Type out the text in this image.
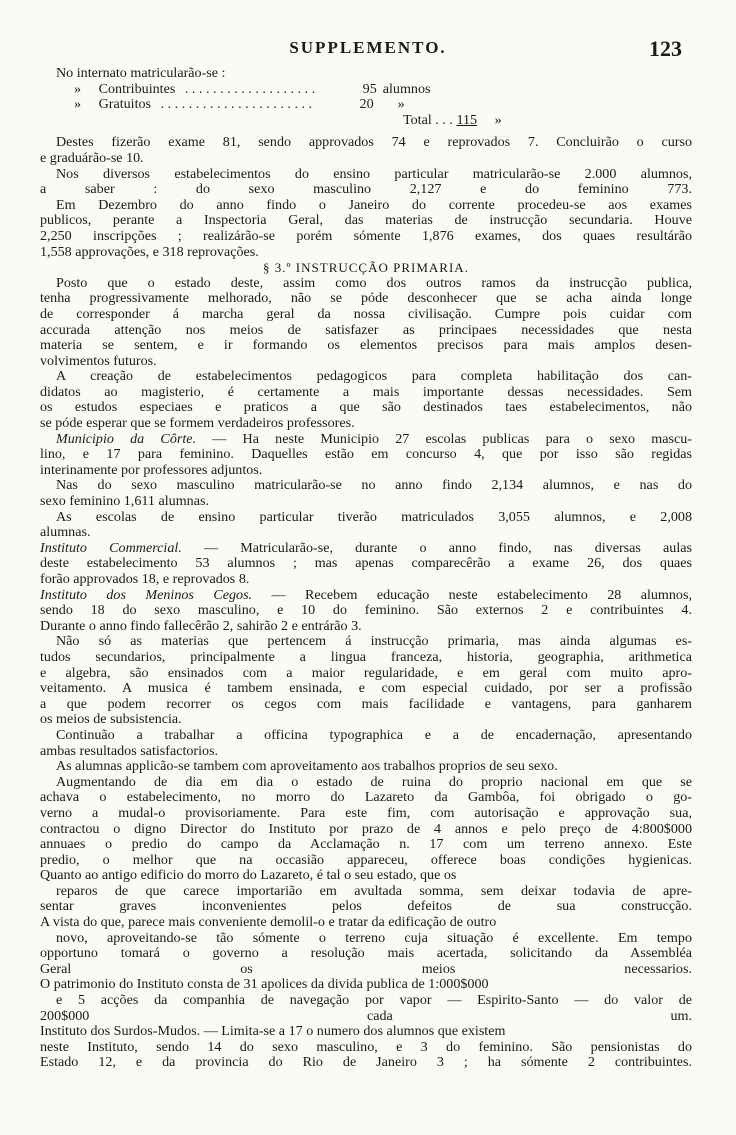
SUPPLEMENTO.	123
No internato matricularão-se :
» Contribuintes . . . . . . . . . . . . . . . . . . .	95 alumnos
» Gratuitos . . . . . . . . . . . . . . . . . . . . . .	20 »
Total . . . 115 »
Destes fizerão exame 81, sendo approvados 74 e reprovados 7. Concluirão o curso
e graduárão-se 10.
Nos diversos estabelecimentos do ensino particular matricularão-se 2.000 alumnos,
a saber : do sexo masculino 2,127 e do feminino 773.
Em Dezembro do anno findo o Janeiro do corrente procedeu-se aos exames
publicos, perante a Inspectoria Geral, das materias de instrucção secundaria. Houve
2,250 inscripções ; realizárão-se porém sómente 1,876 exames, dos quaes resultárão
1,558 approvações, e 318 reprovações.
§ 3.º INSTRUCÇÃO PRIMARIA.
Posto que o estado deste, assim como dos outros ramos da instrucção publica,
tenha progressivamente melhorado, não se póde desconhecer que se acha ainda longe
de corresponder á marcha geral da nossa civilisação. Cumpre pois cuidar com
accurada attenção nos meios de satisfazer as principaes necessidades que nesta
materia se sentem, e ir formando os elementos precisos para mais amplos desen-
volvimentos futuros.
A creação de estabelecimentos pedagogicos para completa habilitação dos can-
didatos ao magisterio, é certamente a mais importante dessas necessidades. Sem
os estudos especiaes e praticos a que são destinados taes estabelecimentos, não
se póde esperar que se formem verdadeiros professores.
Municipio da Côrte. — Ha neste Municipio 27 escolas publicas para o sexo mascu-
lino, e 17 para feminino. Daquelles estão em concurso 4, que por isso são regidas
interinamente por professores adjuntos.
Nas do sexo masculino matricularão-se no anno findo 2,134 alumnos, e nas do
sexo feminino 1,611 alumnas.
As escolas de ensino particular tiverão matriculados 3,055 alumnos, e 2,008
alumnas.
Instituto Commercial. — Matricularão-se, durante o anno findo, nas diversas aulas
deste estabelecimento 53 alumnos ; mas apenas comparecêrão a exame 26, dos quaes
forão approvados 18, e reprovados 8.
Instituto dos Meninos Cegos. — Recebem educação neste estabelecimento 28 alumnos,
sendo 18 do sexo masculino, e 10 do feminino. São externos 2 e contribuintes 4.
Durante o anno findo fallecêrão 2, sahirão 2 e entrárão 3.
Não só as materias que pertencem á instrucção primaria, mas ainda algumas es-
tudos secundarios, principalmente a lingua franceza, historia, geographia, arithmetica
e algebra, são ensinados com a maior regularidade, e em geral com muito apro-
veitamento. A musica é tambem ensinada, e com especial cuidado, por ser a profissão
a que podem recorrer os cegos com mais facilidade e vantagens, para ganharem
os meios de subsistencia.
Continuão a trabalhar a officina typographica e a de encadernação, apresentando
ambas resultados satisfactorios.
As alumnas applicão-se tambem com aproveitamento aos trabalhos proprios de seu sexo.
Augmentando de dia em dia o estado de ruina do proprio nacional em que se
achava o estabelecimento, no morro do Lazareto da Gambôa, foi obrigado o go-
verno a mudal-o provisoriamente. Para este fim, com autorisação e approvação sua,
contractou o digno Director do Instituto por prazo de 4 annos e pelo preço de 4:800$000
annuaes o predio do campo da Acclamação n. 17 com um terreno annexo. Este
predio, o melhor que na occasião appareceu, offerece boas condições hygienicas.
Quanto ao antigo edificio do morro do Lazareto, é tal o seu estado, que os
reparos de que carece importarião em avultada somma, sem deixar todavia de apre-
sentar graves inconvenientes pelos defeitos de sua construcção.
A vista do que, parece mais conveniente demolil-o e tratar da edificação de outro
novo, aproveitando-se tão sómente o terreno cuja situação é excellente. Em tempo
opportuno tomará o governo a resolução mais acertada, solicitando da Assembléa
Geral os meios necessarios.
O patrimonio do Instituto consta de 31 apolices da divida publica de 1:000$000
e 5 acções da companhia de navegação por vapor — Espirito-Santo — do valor de
200$000 cada um.
Instituto dos Surdos-Mudos. — Limita-se a 17 o numero dos alumnos que existem
neste Instituto, sendo 14 do sexo masculino, e 3 do feminino. São pensionistas do
Estado 12, e da provincia do Rio de Janeiro 3 ; ha sómente 2 contribuintes.
